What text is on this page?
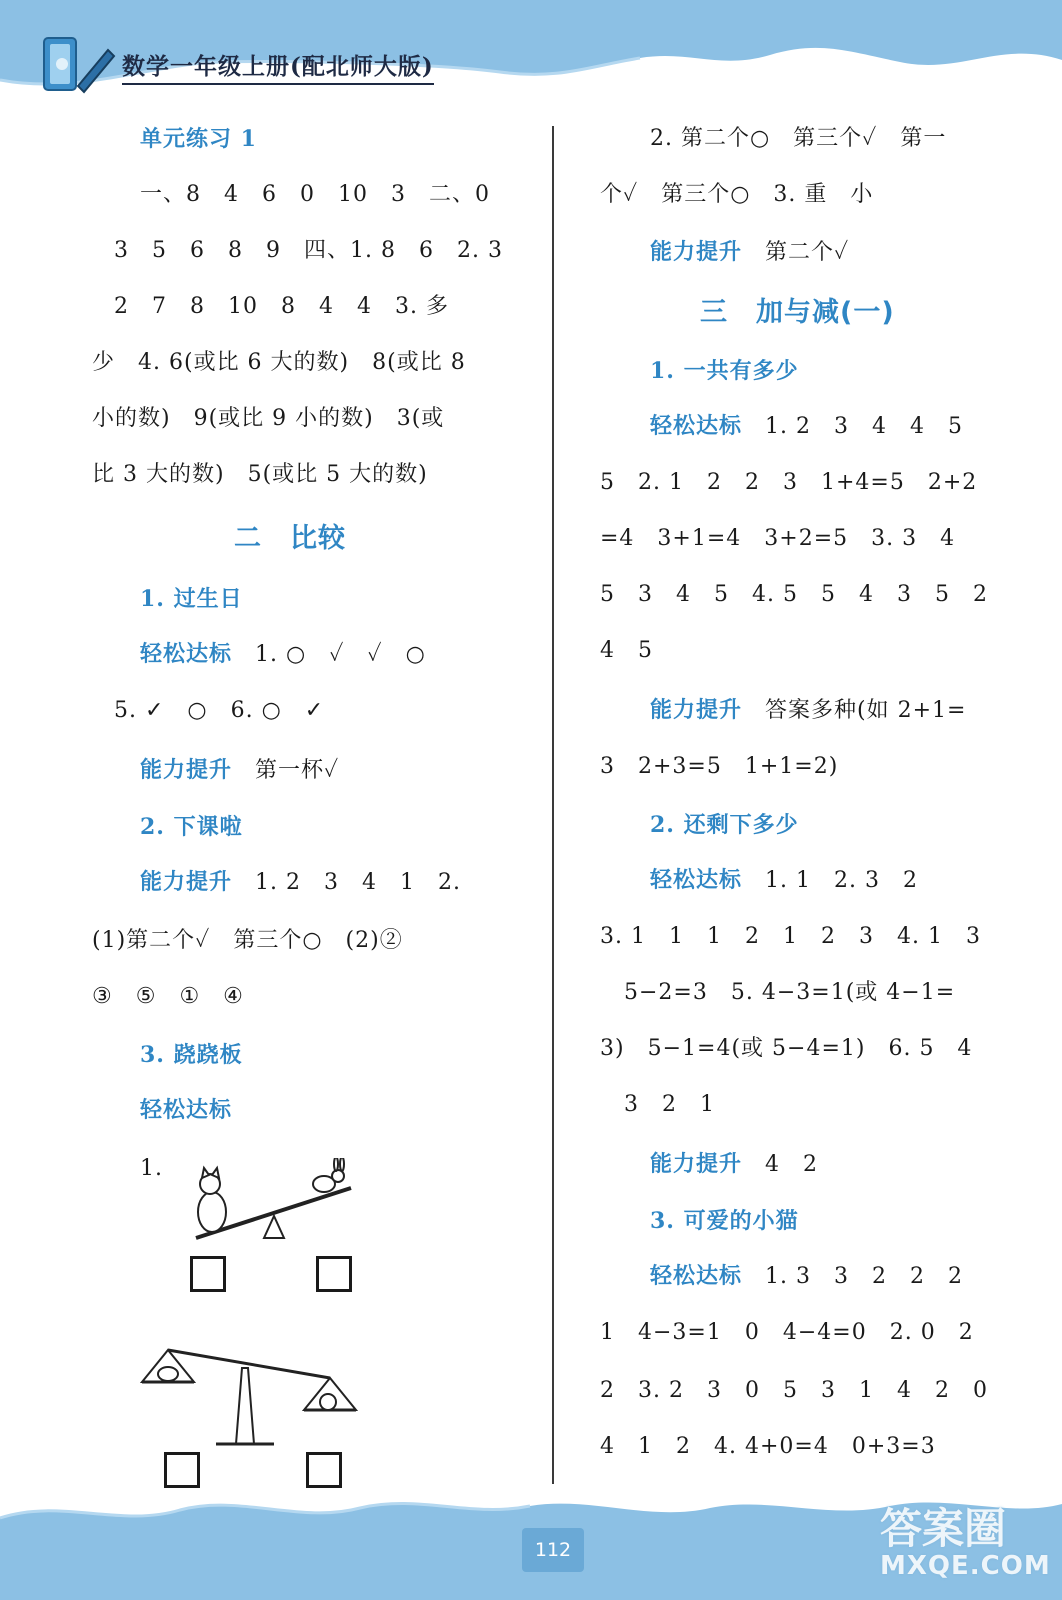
数学一年级上册(配北师大版)
单元练习 1
一、8　4　6　0　10　3　二、0
3　5　6　8　9　四、1. 8　6　2. 3
2　7　8　10　8　4　4　3. 多
少　4. 6(或比 6 大的数)　8(或比 8
小的数)　9(或比 9 小的数)　3(或
比 3 大的数)　5(或比 5 大的数)
二　比较
1. 过生日
轻松达标　 1. ○　✓　✓　○
5. ✓　○　6. ○　✓
能力提升　 第一杯✓
2. 下课啦
能力提升　 1. 2　3　4　1　2.
(1)第二个✓　第三个○　(2)②
③　⑤　①　④
3. 跷跷板
轻松达标
1.
2. 第二个○　第三个✓　第一
个✓　第三个○　3. 重　小
能力提升　 第二个✓
三　加与减(一)
1. 一共有多少
轻松达标　 1. 2　3　4　4　5
5　2. 1　2　2　3　1+4=5　2+2
=4　3+1=4　3+2=5　3. 3　4
5　3　4　5　4. 5　5　4　3　5　2
4　5
能力提升　 答案多种(如 2+1=
3　2+3=5　1+1=2)
2. 还剩下多少
轻松达标　 1. 1　2. 3　2
3. 1　1　1　2　1　2　3　4. 1　3
5−2=3　5. 4−3=1(或 4−1=
3)　5−1=4(或 5−4=1)　6. 5　4
3　2　1
能力提升　 4　2
3. 可爱的小猫
轻松达标　 1. 3　3　2　2　2
1　4−3=1　0　4−4=0　2. 0　2
2　3. 2　3　0　5　3　1　4　2　0
4　1　2　4. 4+0=4　0+3=3
112	答案圈
MXQE.COM
